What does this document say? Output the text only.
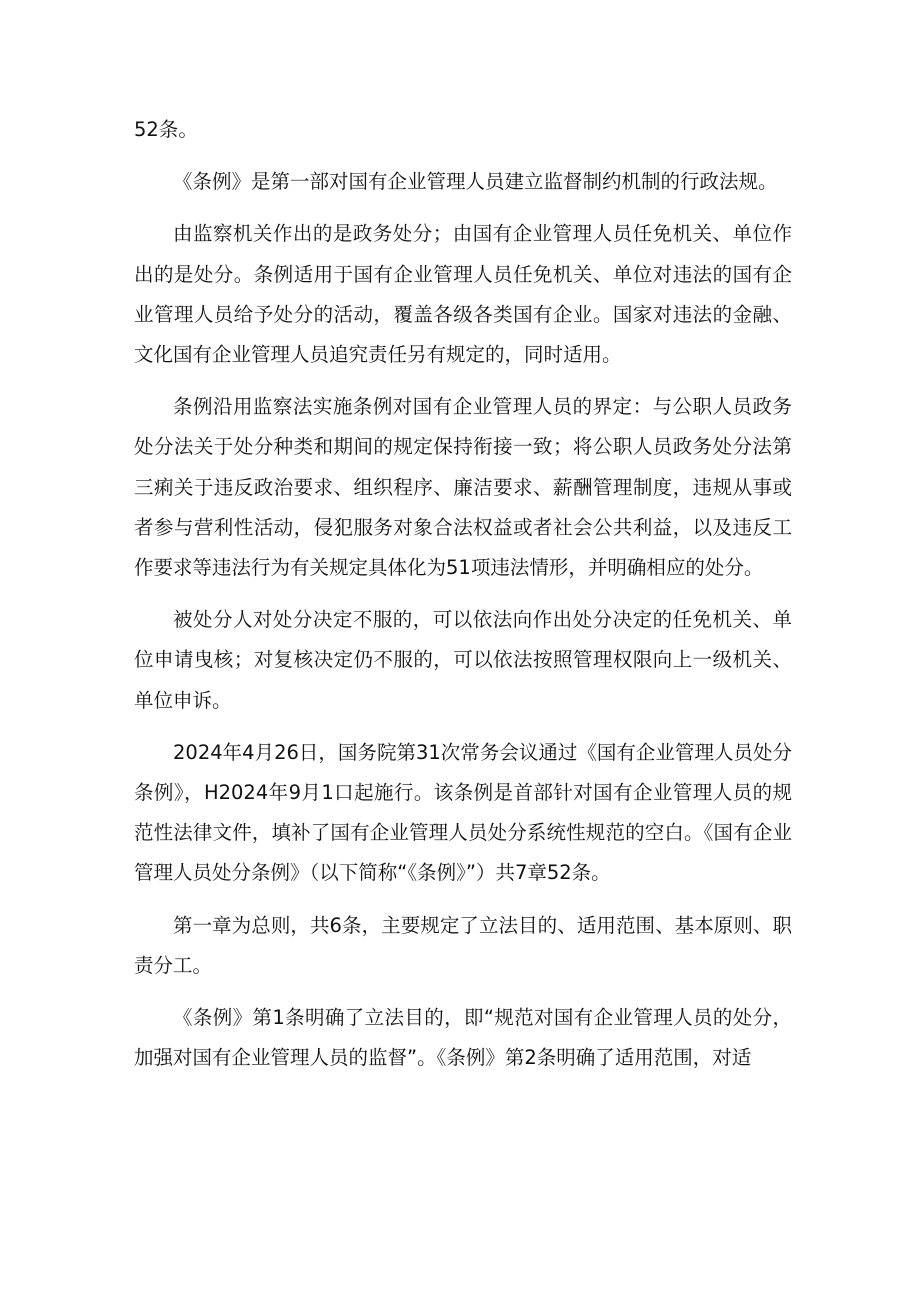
52条。

《条例》是第一部对国有企业管理人员建立监督制约机制的行政法规。

由监察机关作出的是政务处分；由国有企业管理人员任免机关、单位作出的是处分。条例适用于国有企业管理人员任免机关、单位对违法的国有企业管理人员给予处分的活动，覆盖各级各类国有企业。国家对违法的金融、文化国有企业管理人员追究责任另有规定的，同时适用。

条例沿用监察法实施条例对国有企业管理人员的界定：与公职人员政务处分法关于处分种类和期间的规定保持衔接一致；将公职人员政务处分法第三痢关于违反政治要求、组织程序、廉洁要求、薪酬管理制度，违规从事或者参与营利性活动，侵犯服务对象合法权益或者社会公共利益，以及违反工作要求等违法行为有关规定具体化为51项违法情形，并明确相应的处分。

被处分人对处分决定不服的，可以依法向作出处分决定的任免机关、单位申请曳核；对复核决定仍不服的，可以依法按照管理权限向上一级机关、单位申诉。

2024年4月26日，国务院第31次常务会议通过《国有企业管理人员处分条例》，H2024年9月1口起施行。该条例是首部针对国有企业管理人员的规范性法律文件，填补了国有企业管理人员处分系统性规范的空白。《国有企业管理人员处分条例》（以下简称“《条例》”）共7章52条。

第一章为总则，共6条，主要规定了立法目的、适用范围、基本原则、职责分工。

《条例》第1条明确了立法目的，即“规范对国有企业管理人员的处分，加强对国有企业管理人员的监督”。《条例》第2条明确了适用范围，对适
